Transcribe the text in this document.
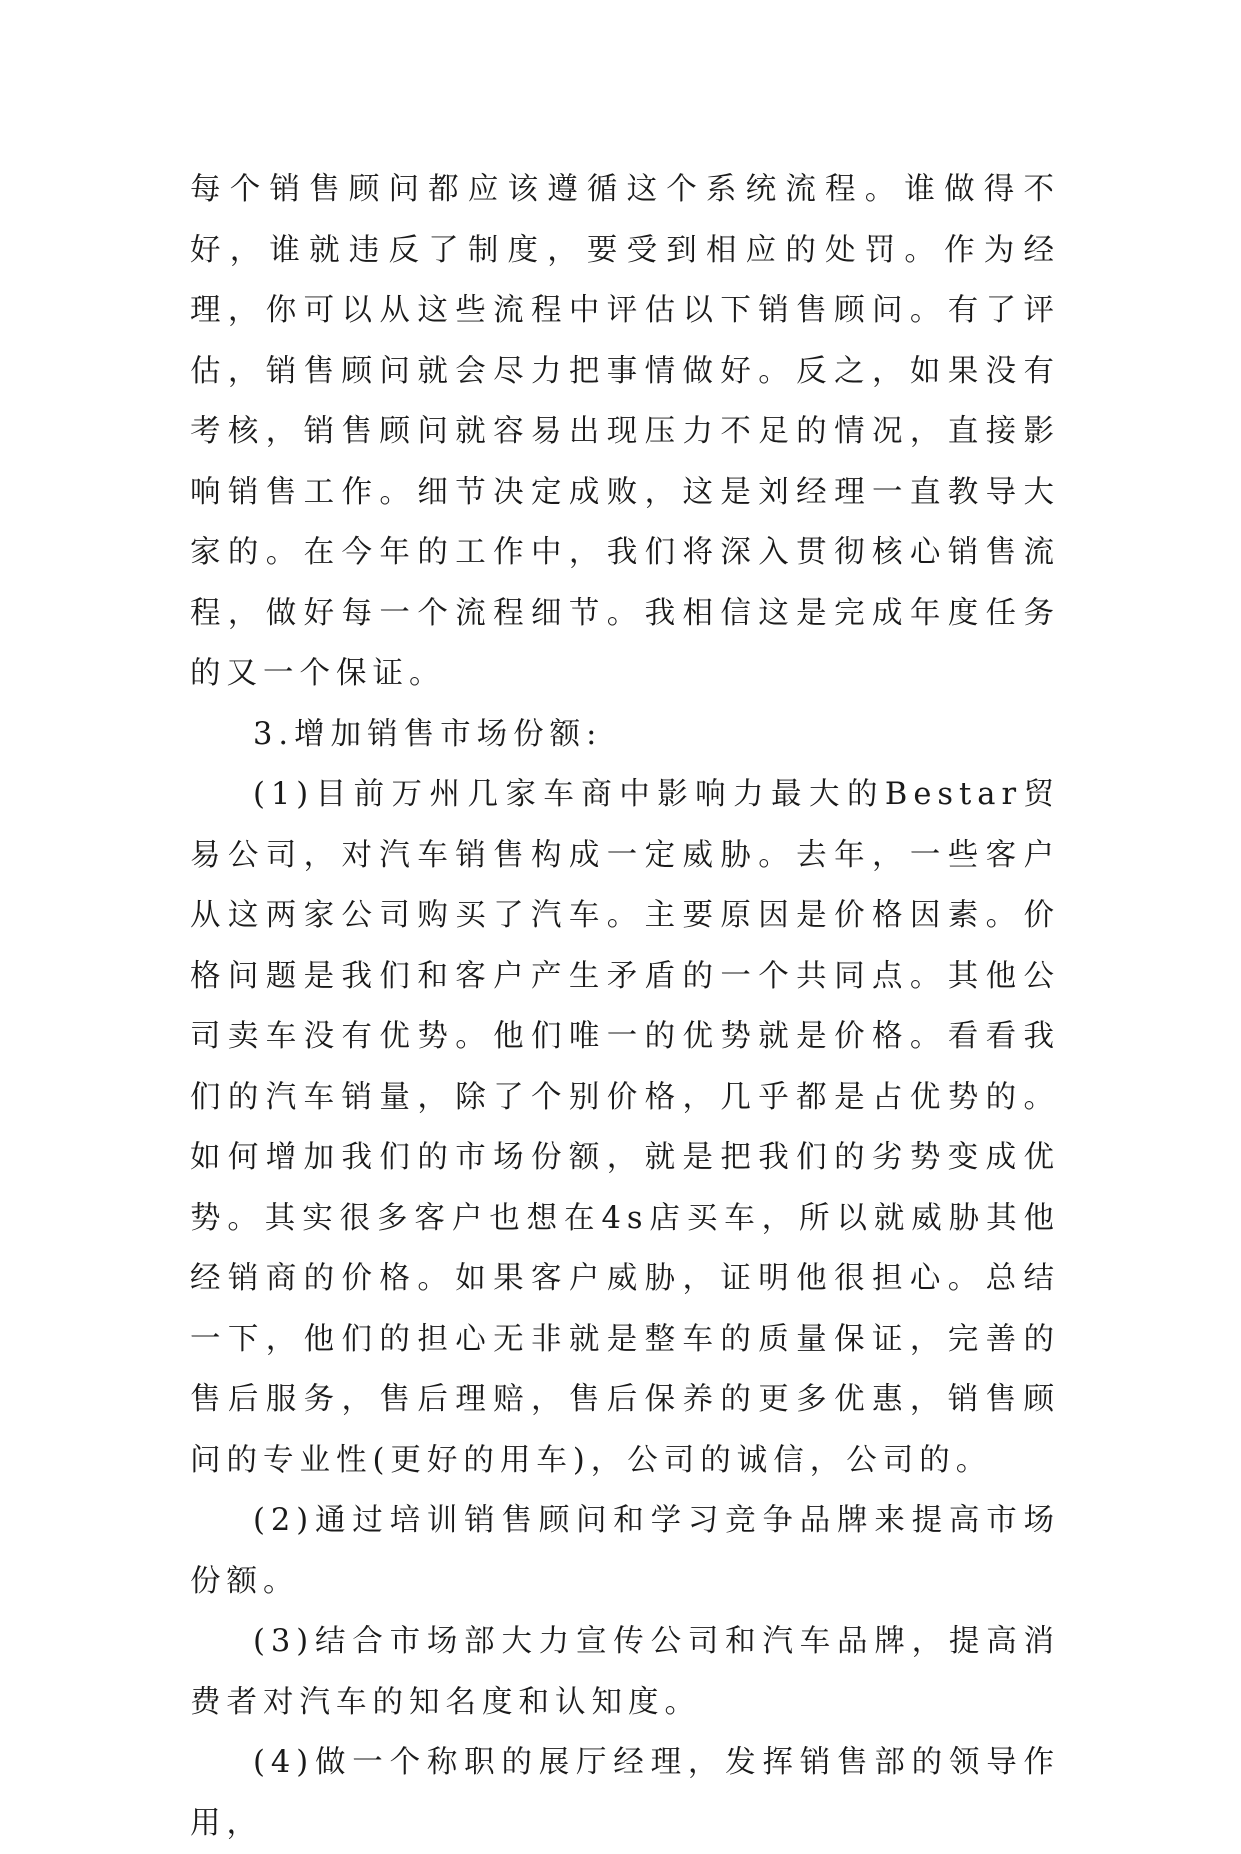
每个销售顾问都应该遵循这个系统流程。谁做得不好，谁就违反了制度，要受到相应的处罚。作为经理，你可以从这些流程中评估以下销售顾问。有了评估，销售顾问就会尽力把事情做好。反之，如果没有考核，销售顾问就容易出现压力不足的情况，直接影响销售工作。细节决定成败，这是刘经理一直教导大家的。在今年的工作中，我们将深入贯彻核心销售流程，做好每一个流程细节。我相信这是完成年度任务的又一个保证。

3.增加销售市场份额:

(1)目前万州几家车商中影响力最大的Bestar贸易公司，对汽车销售构成一定威胁。去年，一些客户从这两家公司购买了汽车。主要原因是价格因素。价格问题是我们和客户产生矛盾的一个共同点。其他公司卖车没有优势。他们唯一的优势就是价格。看看我们的汽车销量，除了个别价格，几乎都是占优势的。如何增加我们的市场份额，就是把我们的劣势变成优势。其实很多客户也想在4s店买车，所以就威胁其他经销商的价格。如果客户威胁，证明他很担心。总结一下，他们的担心无非就是整车的质量保证，完善的售后服务，售后理赔，售后保养的更多优惠，销售顾问的专业性(更好的用车)，公司的诚信，公司的。

(2)通过培训销售顾问和学习竞争品牌来提高市场份额。

(3)结合市场部大力宣传公司和汽车品牌，提高消费者对汽车的知名度和认知度。

(4)做一个称职的展厅经理，发挥销售部的领导作用，
